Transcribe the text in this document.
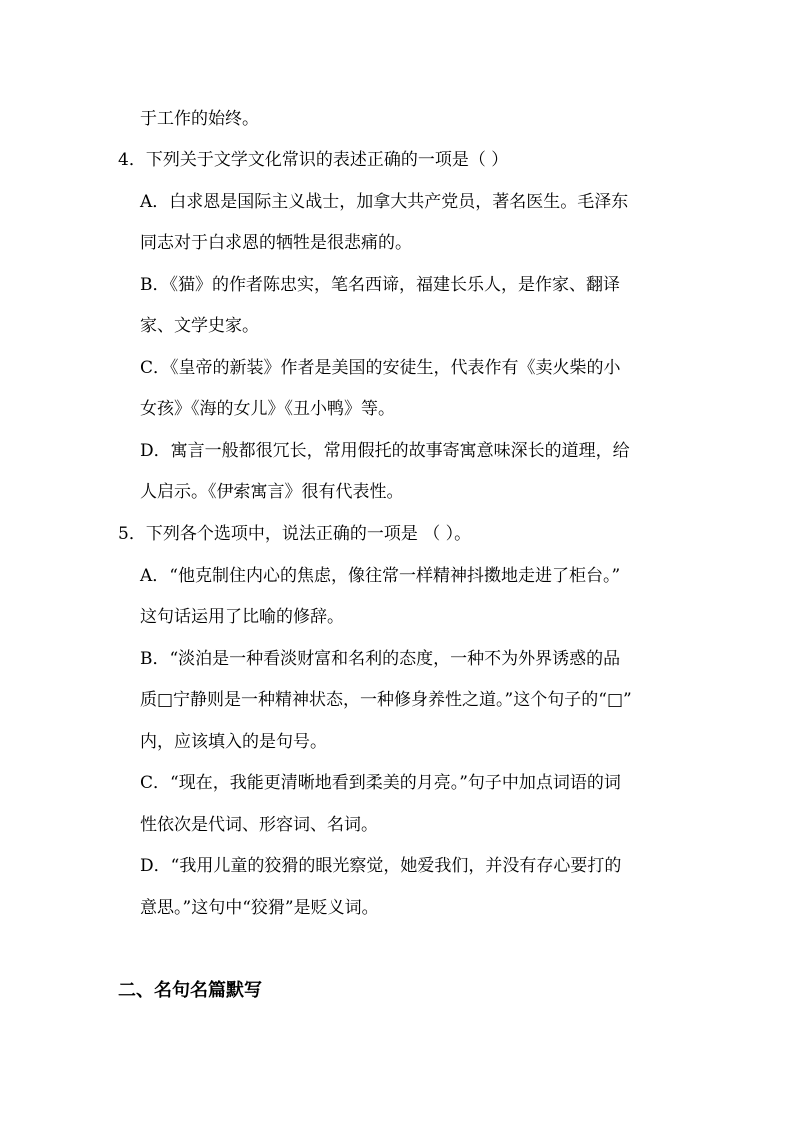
于工作的始终。
4．下列关于文学文化常识的表述正确的一项是（ ）
A．白求恩是国际主义战士，加拿大共产党员，著名医生。毛泽东
同志对于白求恩的牺牲是很悲痛的。
B．《猫》的作者陈忠实，笔名西谛，福建长乐人，是作家、翻译
家、文学史家。
C．《皇帝的新装》作者是美国的安徒生，代表作有《卖火柴的小
女孩》《海的女儿》《丑小鸭》等。
D．寓言一般都很冗长，常用假托的故事寄寓意味深长的道理，给
人启示。《伊索寓言》很有代表性。
5．下列各个选项中，说法正确的一项是 （ ）。
A．“他克制住内心的焦虑，像往常一样精神抖擞地走进了柜台。”
这句话运用了比喻的修辞。
B．“淡泊是一种看淡财富和名利的态度，一种不为外界诱惑的品
质□宁静则是一种精神状态，一种修身养性之道。”这个句子的“□”
内，应该填入的是句号。
C．“现在，我能更清晰地看到柔美的月亮。”句子中加点词语的词
性依次是代词、形容词、名词。
D．“我用儿童的狡猾的眼光察觉，她爱我们，并没有存心要打的
意思。”这句中“狡猾”是贬义词。
二、名句名篇默写
